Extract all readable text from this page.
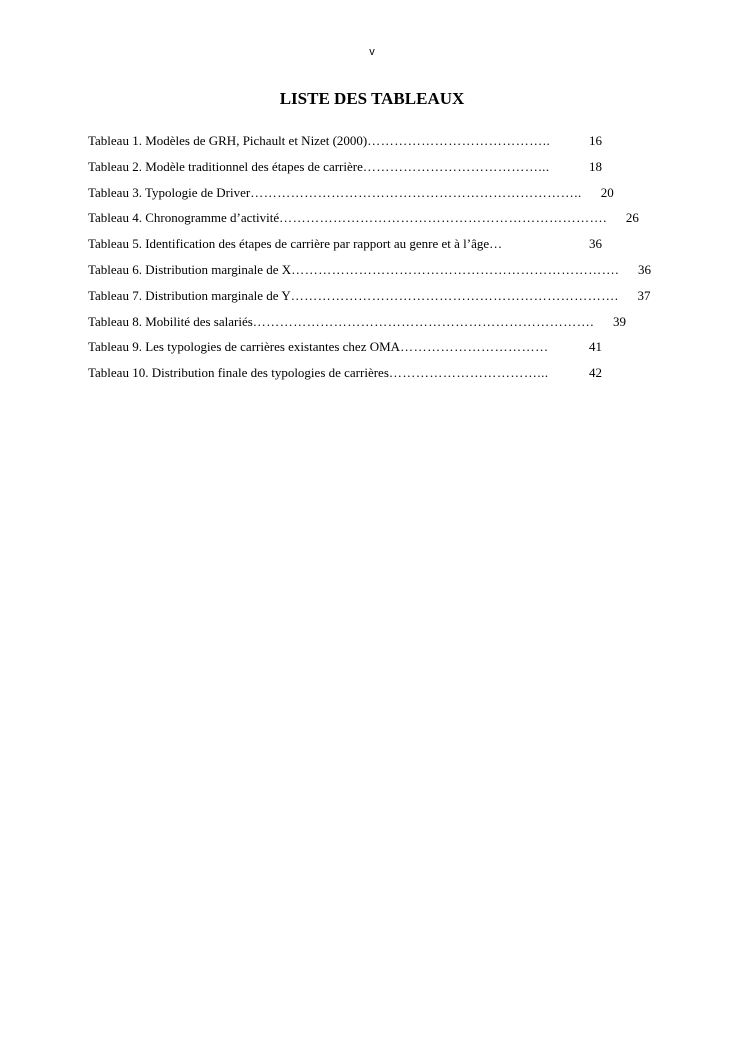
v
LISTE DES TABLEAUX
Tableau 1. Modèles de GRH, Pichault et Nizet (2000) …………………………………..	16
Tableau 2. Modèle traditionnel des étapes de carrière …………………………………...	18
Tableau 3. Typologie de Driver ………………………………………………………………..	20
Tableau 4. Chronogramme d’activité ……………………………………………………………….	26
Tableau 5. Identification des étapes de carrière par rapport au genre et à l’âge …	36
Tableau 6. Distribution marginale de X ……………………………………………………………….	36
Tableau 7. Distribution marginale de Y ……………………………………………………………….	37
Tableau 8. Mobilité des salariés ………………………………………………………………….	39
Tableau 9. Les typologies de carrières existantes chez OMA ……………………………	41
Tableau 10. Distribution finale des typologies de carrières ……………………………...	42
